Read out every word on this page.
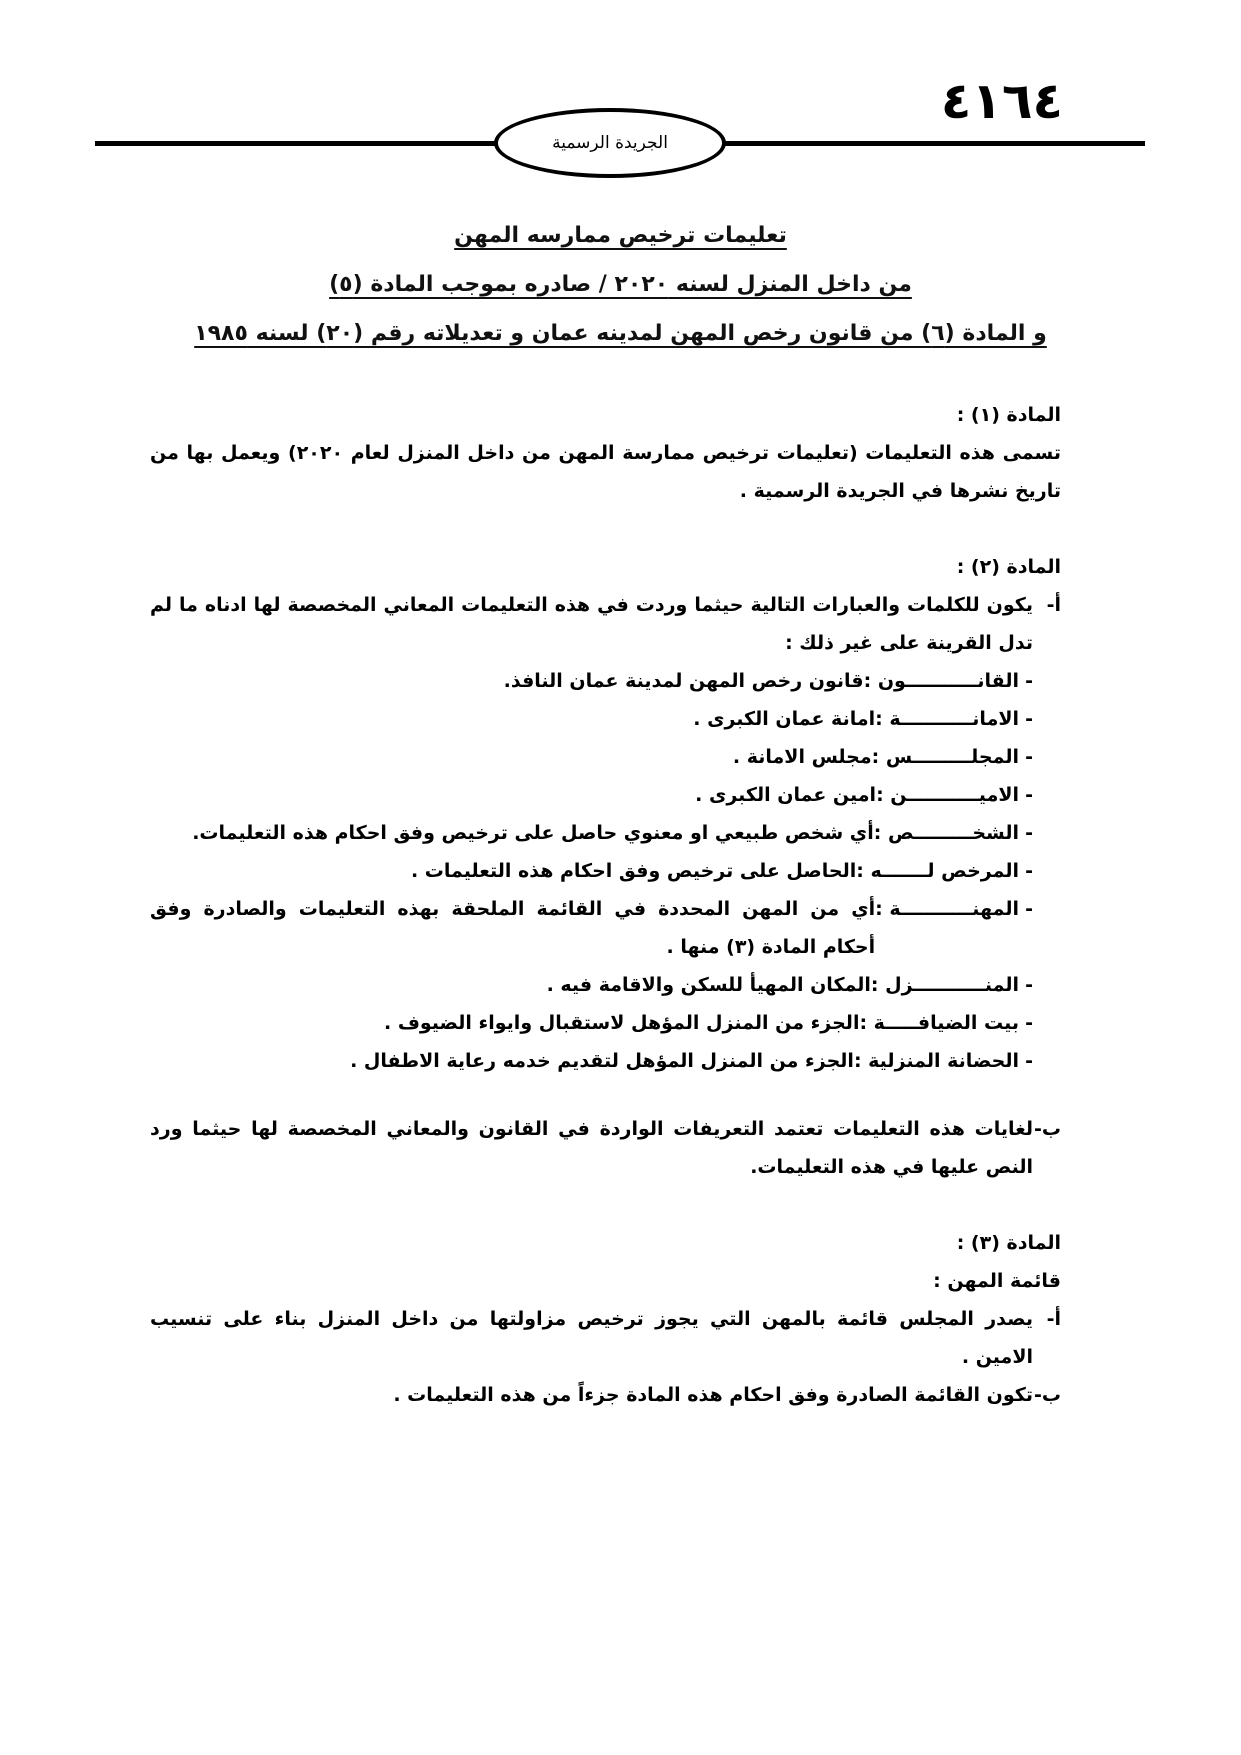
٤١٦٤
الجريدة الرسمية
تعليمات ترخيص ممارسه المهن
من داخل المنزل لسنه ٢٠٢٠ / صادره بموجب المادة (٥)
و المادة (٦) من قانون رخص المهن لمدينه عمان و تعديلاته رقم (٢٠) لسنه ١٩٨٥
المادة (١) :
تسمى هذه التعليمات (تعليمات ترخيص ممارسة المهن من داخل المنزل لعام ٢٠٢٠) ويعمل بها من تاريخ نشرها في الجريدة الرسمية .
المادة (٢) :
أ-
يكون للكلمات والعبارات التالية حيثما وردت في هذه التعليمات المعاني المخصصة لها ادناه ما لم تدل القرينة على غير ذلك :
-
القانـــــــــــون :
قانون رخص المهن لمدينة عمان النافذ.
-
الامانـــــــــــة :
امانة عمان الكبرى .
-
المجلـــــــــس :
مجلس الامانة .
-
الاميـــــــــــن :
امين عمان الكبرى .
-
الشخـــــــــص :
أي شخص طبيعي او معنوي حاصل على ترخيص وفق احكام هذه التعليمات.
-
المرخص لـــــــه :
الحاصل على ترخيص وفق احكام هذه التعليمات .
-
المهنـــــــــــة :
أي من المهن المحددة في القائمة الملحقة بهذه التعليمات والصادرة وفق أحكام المادة (٣) منها .
-
المنـــــــــــزل :
المكان المهيأ للسكن والاقامة فيه .
-
بيت الضيافـــــة :
الجزء من المنزل المؤهل لاستقبال وايواء الضيوف .
-
الحضانة المنزلية :
الجزء من المنزل المؤهل لتقديم خدمه رعاية الاطفال .
ب-
لغايات هذه التعليمات تعتمد التعريفات الواردة في القانون والمعاني المخصصة لها حيثما ورد النص عليها في هذه التعليمات.
المادة (٣) :
قائمة المهن :
أ-
يصدر المجلس قائمة بالمهن التي يجوز ترخيص مزاولتها من داخل المنزل بناء على تنسيب الامين .
ب-
تكون القائمة الصادرة وفق احكام هذه المادة جزءاً من هذه التعليمات .
